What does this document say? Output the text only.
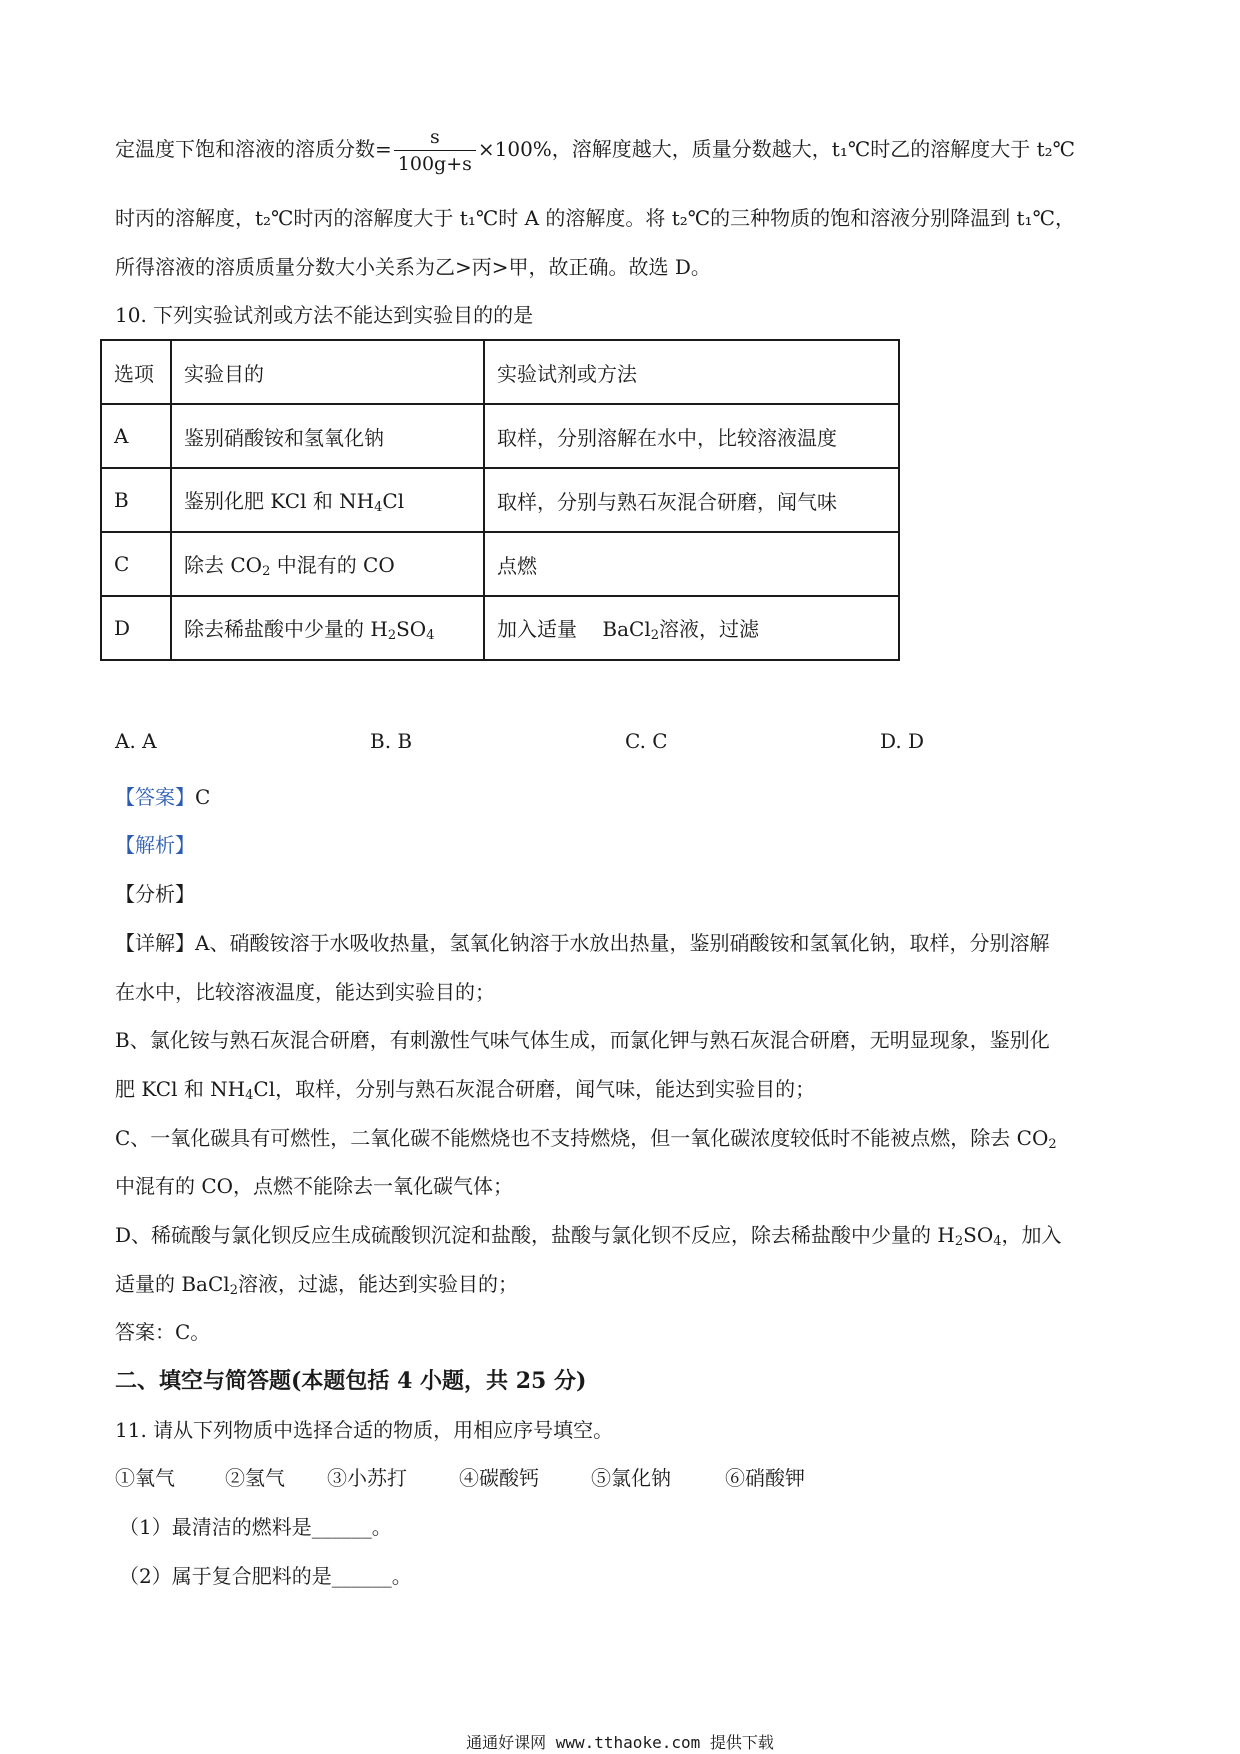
定温度下饱和溶液的溶质分数= $\frac{s}{100g+s} \times 100\%$，溶解度越大，质量分数越大，t₁℃时乙的溶解度大于 t₂℃
时丙的溶解度，t₂℃时丙的溶解度大于 t₁℃时 A 的溶解度。将 t₂℃的三种物质的饱和溶液分别降温到 t₁℃，
所得溶液的溶质质量分数大小关系为乙>丙>甲，故正确。故选 D。
10. 下列实验试剂或方法不能达到实验目的的是
选项	实验目的	实验试剂或方法
A	鉴别硝酸铵和氢氧化钠	取样，分别溶解在水中，比较溶液温度
B	鉴别化肥 KCl 和 $NH_4Cl$	取样，分别与熟石灰混合研磨，闻气味
C	除去 $CO_2$ 中混有的 CO	点燃
D	除去稀盐酸中少量的 $H_2SO_4$	加入适量    BaCl$_2$溶液，过滤
A. A	B. B	C. C	D. D
【答案】C
【解析】
【分析】
【详解】A、硝酸铵溶于水吸收热量，氢氧化钠溶于水放出热量，鉴别硝酸铵和氢氧化钠，取样，分别溶解
在水中，比较溶液温度，能达到实验目的；
B、氯化铵与熟石灰混合研磨，有刺激性气味气体生成，而氯化钾与熟石灰混合研磨，无明显现象，鉴别化
肥 KCl 和 $NH_4Cl$，取样，分别与熟石灰混合研磨，闻气味，能达到实验目的；
C、一氧化碳具有可燃性，二氧化碳不能燃烧也不支持燃烧，但一氧化碳浓度较低时不能被点燃，除去 $CO_2$
中混有的 CO，点燃不能除去一氧化碳气体；
D、稀硫酸与氯化钡反应生成硫酸钡沉淀和盐酸，盐酸与氯化钡不反应，除去稀盐酸中少量的 $H_2SO_4$，加入
适量的 BaCl$_2$溶液，过滤，能达到实验目的；
答案：C。
二、填空与简答题(本题包括 4 小题，共 25 分)
11. 请从下列物质中选择合适的物质，用相应序号填空。
①氧气	②氢气 ③小苏打	④碳酸钙	⑤氯化钠	⑥硝酸钾
（1）最清洁的燃料是______。
（2）属于复合肥料的是______。
通通好课网 www.tthaoke.com 提供下载
